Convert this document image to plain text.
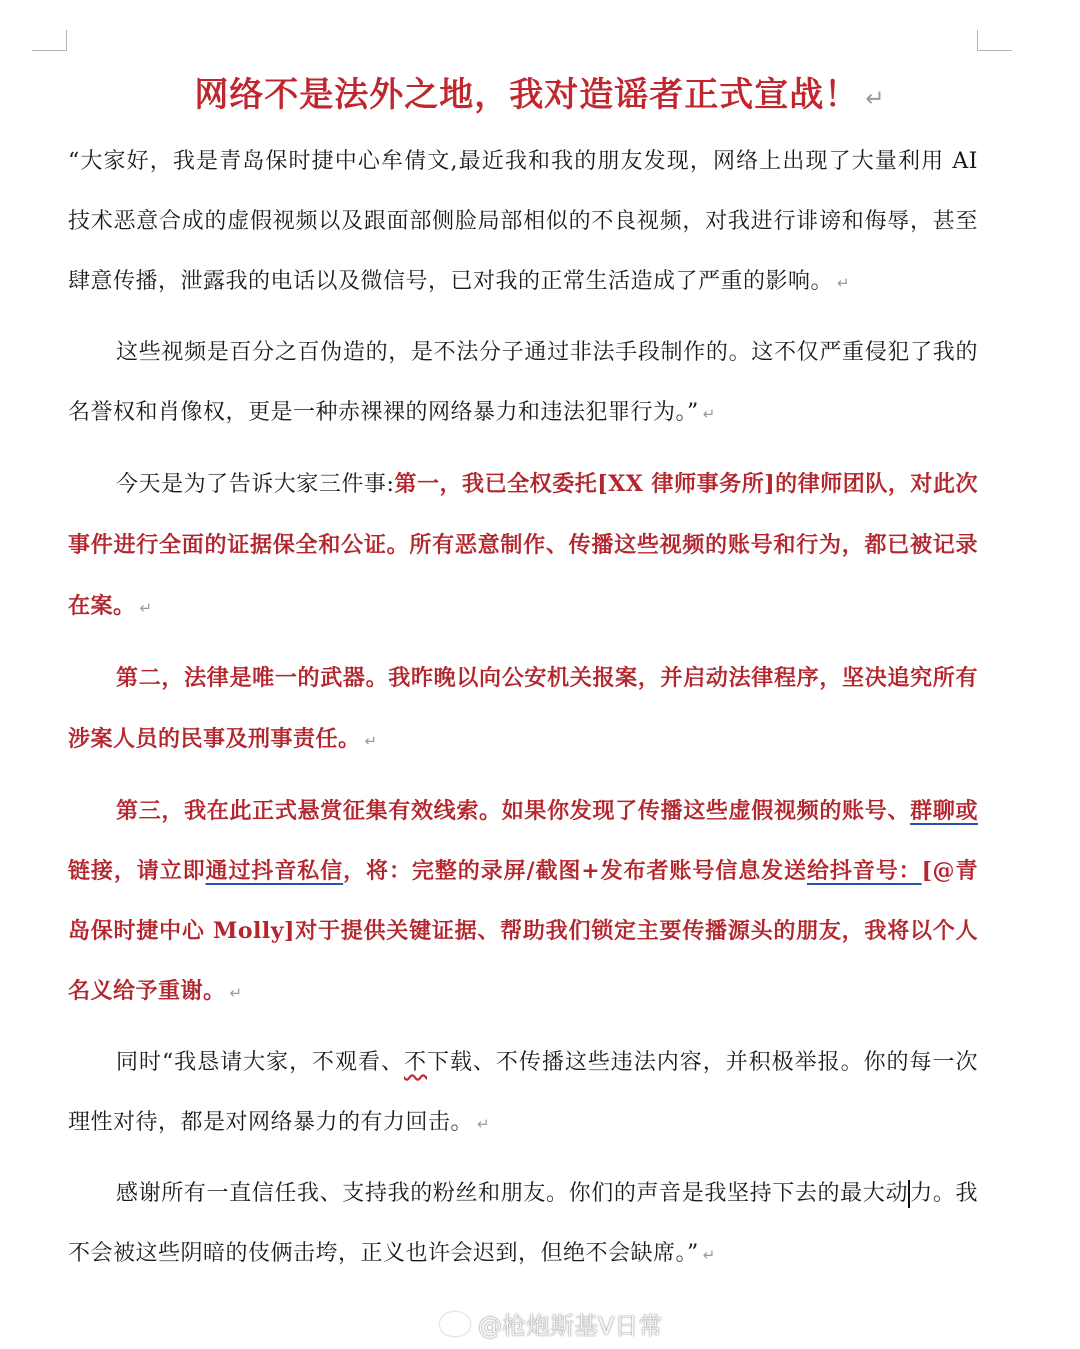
网络不是法外之地，我对造谣者正式宣战！ ↵

“大家好，我是青岛保时捷中心牟倩文,最近我和我的朋友发现，网络上出现了大量利用 AI 技术恶意合成的虚假视频以及跟面部侧脸局部相似的不良视频，对我进行诽谤和侮辱，甚至肆意传播，泄露我的电话以及微信号，已对我的正常生活造成了严重的影响。 ↵

这些视频是百分之百伪造的，是不法分子通过非法手段制作的。这不仅严重侵犯了我的名誉权和肖像权，更是一种赤裸裸的网络暴力和违法犯罪行为。” ↵

今天是为了告诉大家三件事:第一，我已全权委托[XX 律师事务所]的律师团队，对此次事件进行全面的证据保全和公证。所有恶意制作、传播这些视频的账号和行为，都已被记录在案。 ↵

第二，法律是唯一的武器。我昨晚以向公安机关报案，并启动法律程序，坚决追究所有涉案人员的民事及刑事责任。 ↵

第三，我在此正式悬赏征集有效线索。如果你发现了传播这些虚假视频的账号、群聊或链接，请立即通过抖音私信，将：完整的录屏/截图+发布者账号信息发送给抖音号：[@青岛保时捷中心 Molly]对于提供关键证据、帮助我们锁定主要传播源头的朋友，我将以个人名义给予重谢。 ↵

同时“我恳请大家，不观看、不下载、不传播这些违法内容，并积极举报。你的每一次理性对待，都是对网络暴力的有力回击。 ↵

感谢所有一直信任我、支持我的粉丝和朋友。你们的声音是我坚持下去的最大动力。我不会被这些阴暗的伎俩击垮，正义也许会迟到，但绝不会缺席。” ↵

@枪炮斯基V日常
